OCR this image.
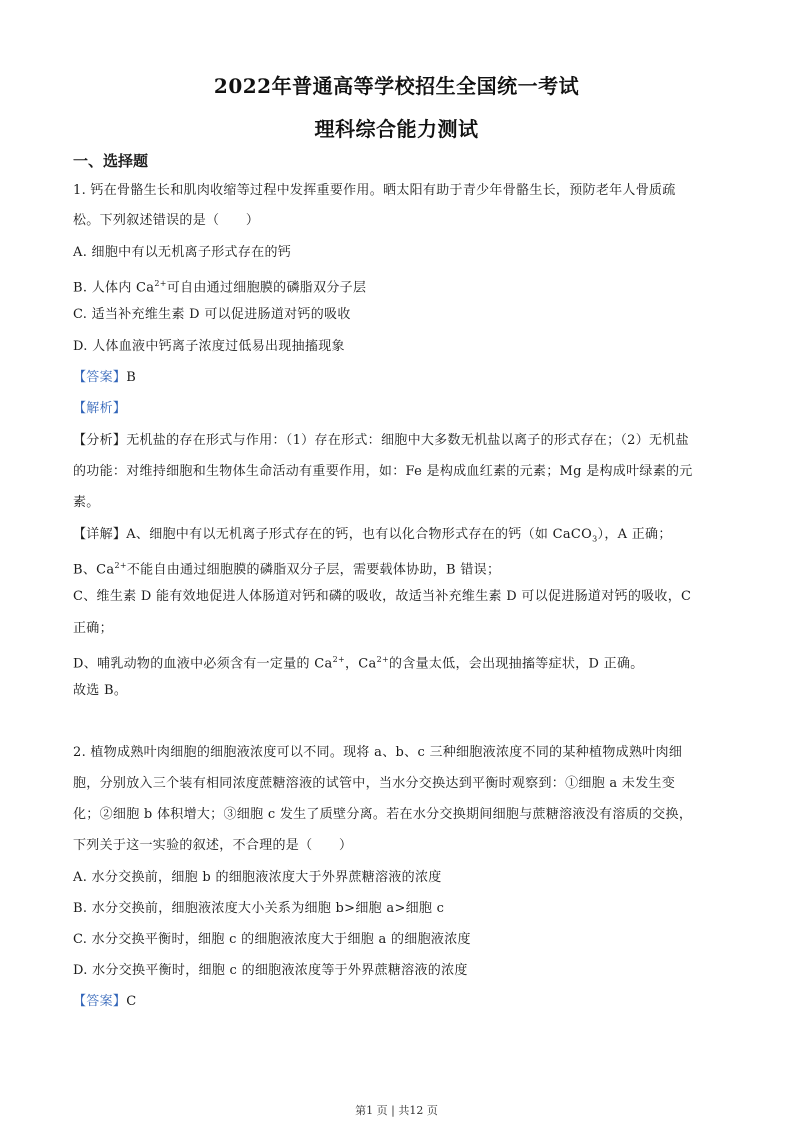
2022年普通高等学校招生全国统一考试
理科综合能力测试
一、选择题
1. 钙在骨骼生长和肌肉收缩等过程中发挥重要作用。晒太阳有助于青少年骨骼生长，预防老年人骨质疏
松。下列叙述错误的是（　　）
A. 细胞中有以无机离子形式存在的钙
B. 人体内 $Ca^{2+}$可自由通过细胞膜的磷脂双分子层
C. 适当补充维生素 D 可以促进肠道对钙的吸收
D. 人体血液中钙离子浓度过低易出现抽搐现象
【答案】B
【解析】
【分析】无机盐的存在形式与作用：（1）存在形式：细胞中大多数无机盐以离子的形式存在；（2）无机盐
的功能：对维持细胞和生物体生命活动有重要作用，如：Fe 是构成血红素的元素；Mg 是构成叶绿素的元
素。
【详解】A、细胞中有以无机离子形式存在的钙，也有以化合物形式存在的钙（如 CaCO$_3$），A 正确；
B、$Ca^{2+}$不能自由通过细胞膜的磷脂双分子层，需要载体协助，B 错误；
C、维生素 D 能有效地促进人体肠道对钙和磷的吸收，故适当补充维生素 D 可以促进肠道对钙的吸收，C
正确；
D、哺乳动物的血液中必须含有一定量的 $Ca^{2+}$，$Ca^{2+}$的含量太低，会出现抽搐等症状，D 正确。
故选 B。
2. 植物成熟叶肉细胞的细胞液浓度可以不同。现将 a、b、c 三种细胞液浓度不同的某种植物成熟叶肉细
胞，分别放入三个装有相同浓度蔗糖溶液的试管中，当水分交换达到平衡时观察到：①细胞 a 未发生变
化；②细胞 b 体积增大；③细胞 c 发生了质壁分离。若在水分交换期间细胞与蔗糖溶液没有溶质的交换，
下列关于这一实验的叙述，不合理的是（　　）
A. 水分交换前，细胞 b 的细胞液浓度大于外界蔗糖溶液的浓度
B. 水分交换前，细胞液浓度大小关系为细胞 b>细胞 a>细胞 c
C. 水分交换平衡时，细胞 c 的细胞液浓度大于细胞 a 的细胞液浓度
D. 水分交换平衡时，细胞 c 的细胞液浓度等于外界蔗糖溶液的浓度
【答案】C
第1 页 | 共12 页
